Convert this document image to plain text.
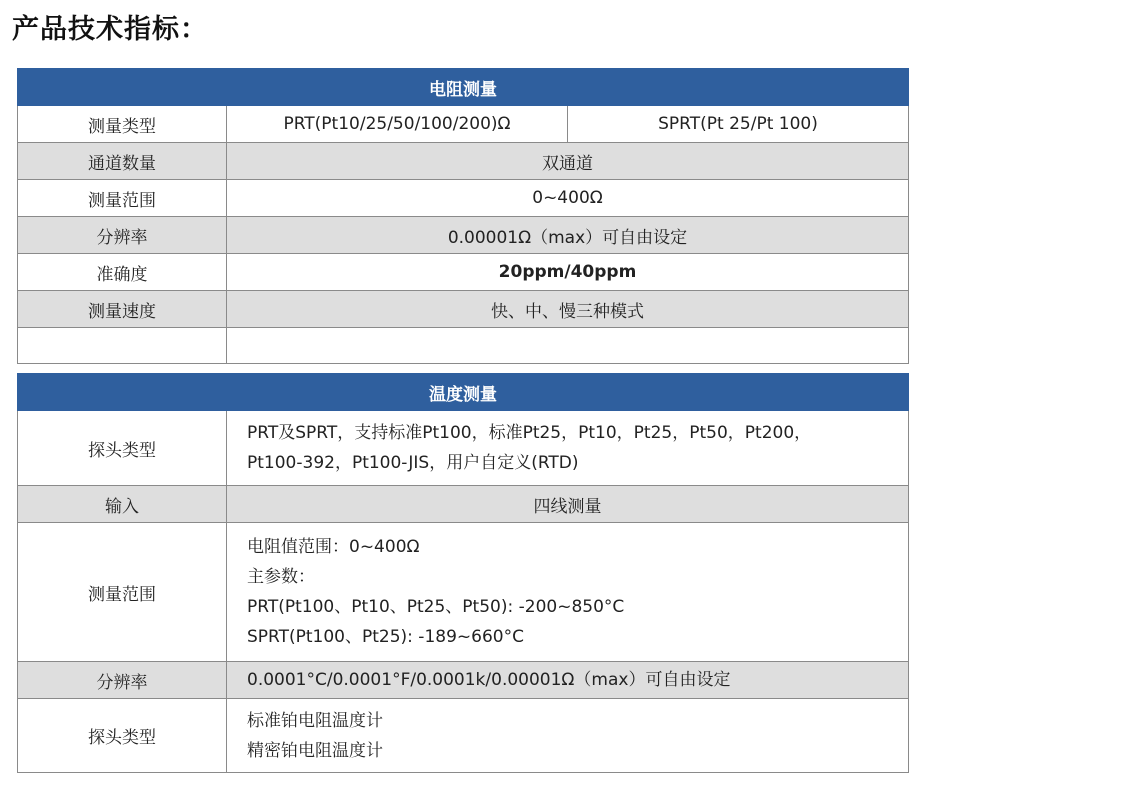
产品技术指标：
电阻测量		
测量类型	PRT(Pt10/25/50/100/200)Ω	SPRT(Pt 25/Pt 100)
通道数量	双通道	
测量范围	0~400Ω	
分辨率	0.00001Ω（max）可自由设定	
准确度	20ppm/40ppm	
测量速度	快、中、慢三种模式	

温度测量	
探头类型	PRT及SPRT，支持标准Pt100，标准Pt25，Pt10，Pt25，Pt50，Pt200，
Pt100-392，Pt100-JIS，用户自定义(RTD)

输入	四线测量
测量范围	电阻值范围：0~400Ω
主参数：
PRT(Pt100、Pt10、Pt25、Pt50): -200~850°C
SPRT(Pt100、Pt25): -189~660°C

分辨率	0.0001°C/0.0001°F/0.0001k/0.00001Ω（max）可自由设定

探头类型	标准铂电阻温度计
精密铂电阻温度计
